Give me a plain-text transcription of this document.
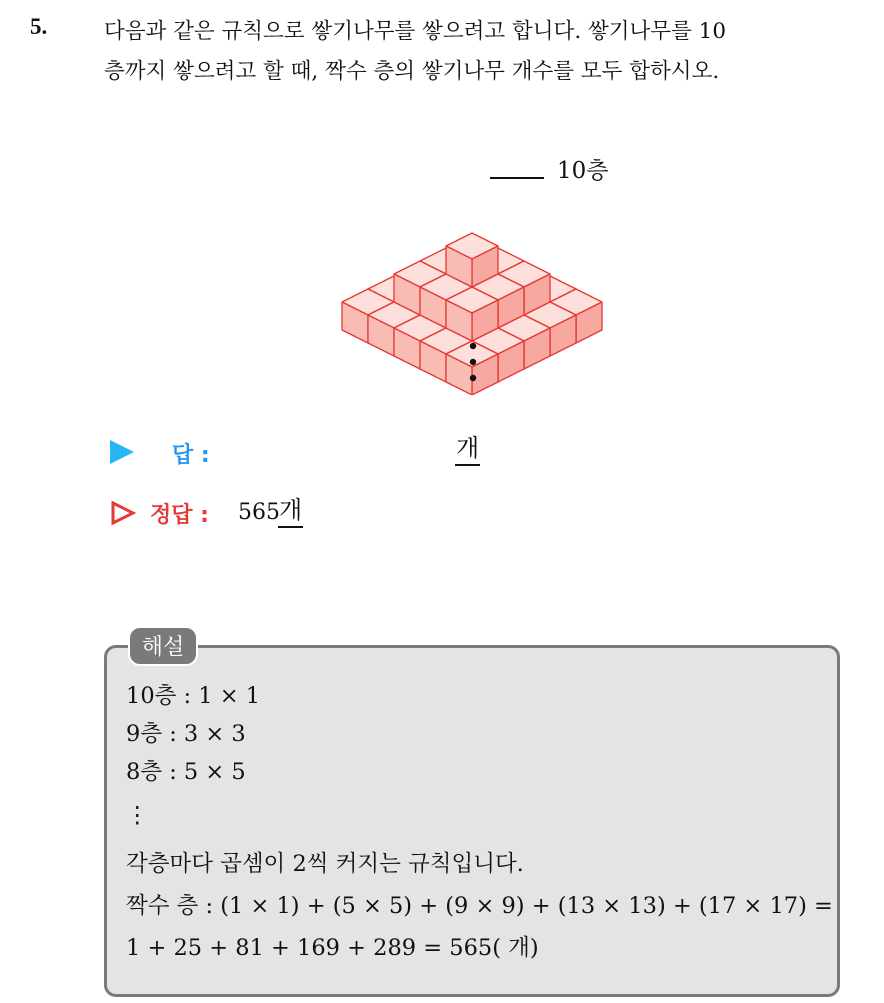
5.	다음과 같은 규칙으로 쌓기나무를 쌓으려고 합니다. 쌓기나무를 10
층까지 쌓으려고 할 때, 짝수 층의 쌓기나무 개수를 모두 합하시오.
10층
답 :	개
정답 : 565 개
해설
10층 : 1 × 1
9층 : 3 × 3
8층 : 5 × 5
⋮
각층마다 곱셈이 2씩 커지는 규칙입니다.
짝수 층 : (1 × 1) + (5 × 5) + (9 × 9) + (13 × 13) + (17 × 17) =
1 + 25 + 81 + 169 + 289 = 565( 개)
